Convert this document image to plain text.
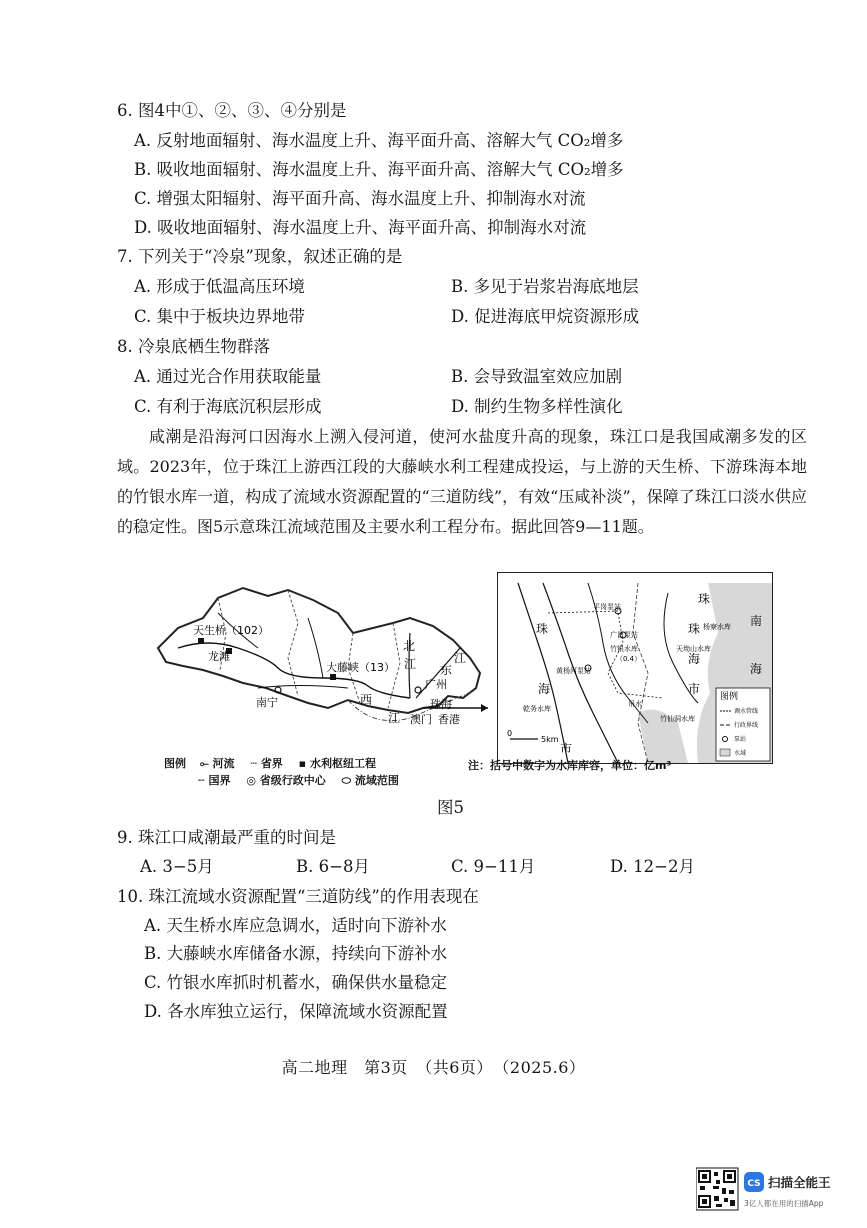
6. 图4中①、②、③、④分别是
A. 反射地面辐射、海水温度上升、海平面升高、溶解大气 CO₂增多
B. 吸收地面辐射、海水温度上升、海平面升高、溶解大气 CO₂增多
C. 增强太阳辐射、海平面升高、海水温度上升、抑制海水对流
D. 吸收地面辐射、海水温度上升、海平面升高、抑制海水对流
7. 下列关于“冷泉”现象，叙述正确的是
A. 形成于低温高压环境	B. 多见于岩浆岩海底地层
C. 集中于板块边界地带	D. 促进海底甲烷资源形成
8. 冷泉底栖生物群落
A. 通过光合作用获取能量	B. 会导致温室效应加剧
C. 有利于海底沉积层形成	D. 制约生物多样性演化
咸潮是沿海河口因海水上溯入侵河道，使河水盐度升高的现象，珠江口是我国咸潮多发的区域。2023年，位于珠江上游西江段的大藤峡水利工程建成投运，与上游的天生桥、下游珠海本地的竹银水库一道，构成了流域水资源配置的“三道防线”，有效“压咸补淡”，保障了珠江口淡水供应的稳定性。图5示意珠江流域范围及主要水利工程分布。据此回答9—11题。
天生桥（102）
龙滩
南宁
大藤峡（13）
西
江
北
江 东
江
广州
珠海
澳门 香港
图例
调水管线
行政界线
泵站
水域
0
5km
珠
平岗泵站
广昌泵站
竹银水库
（0.4）
珠
海
黄杨河泵站
乾务水库
市
吊水
竹仙洞水库
珠
海
市
杨寮水库 南
海
天坳山水库
图例 ⟜ 河流 ┄ 省界 ▪ 水利枢纽工程
╌ 国界 ◎ 省级行政中心 ⬭ 流域范围
注：括号中数字为水库库容，单位：亿m³
图5
9. 珠江口咸潮最严重的时间是
A. 3−5月	B. 6−8月	C. 9−11月	D. 12−2月
10. 珠江流域水资源配置“三道防线”的作用表现在
A. 天生桥水库应急调水，适时向下游补水
B. 大藤峡水库储备水源，持续向下游补水
C. 竹银水库抓时机蓄水，确保供水量稳定
D. 各水库独立运行，保障流域水资源配置
高二地理　第3页　（共6页）　（2025.6）
CS 扫描全能王
3亿人都在用的扫描App
